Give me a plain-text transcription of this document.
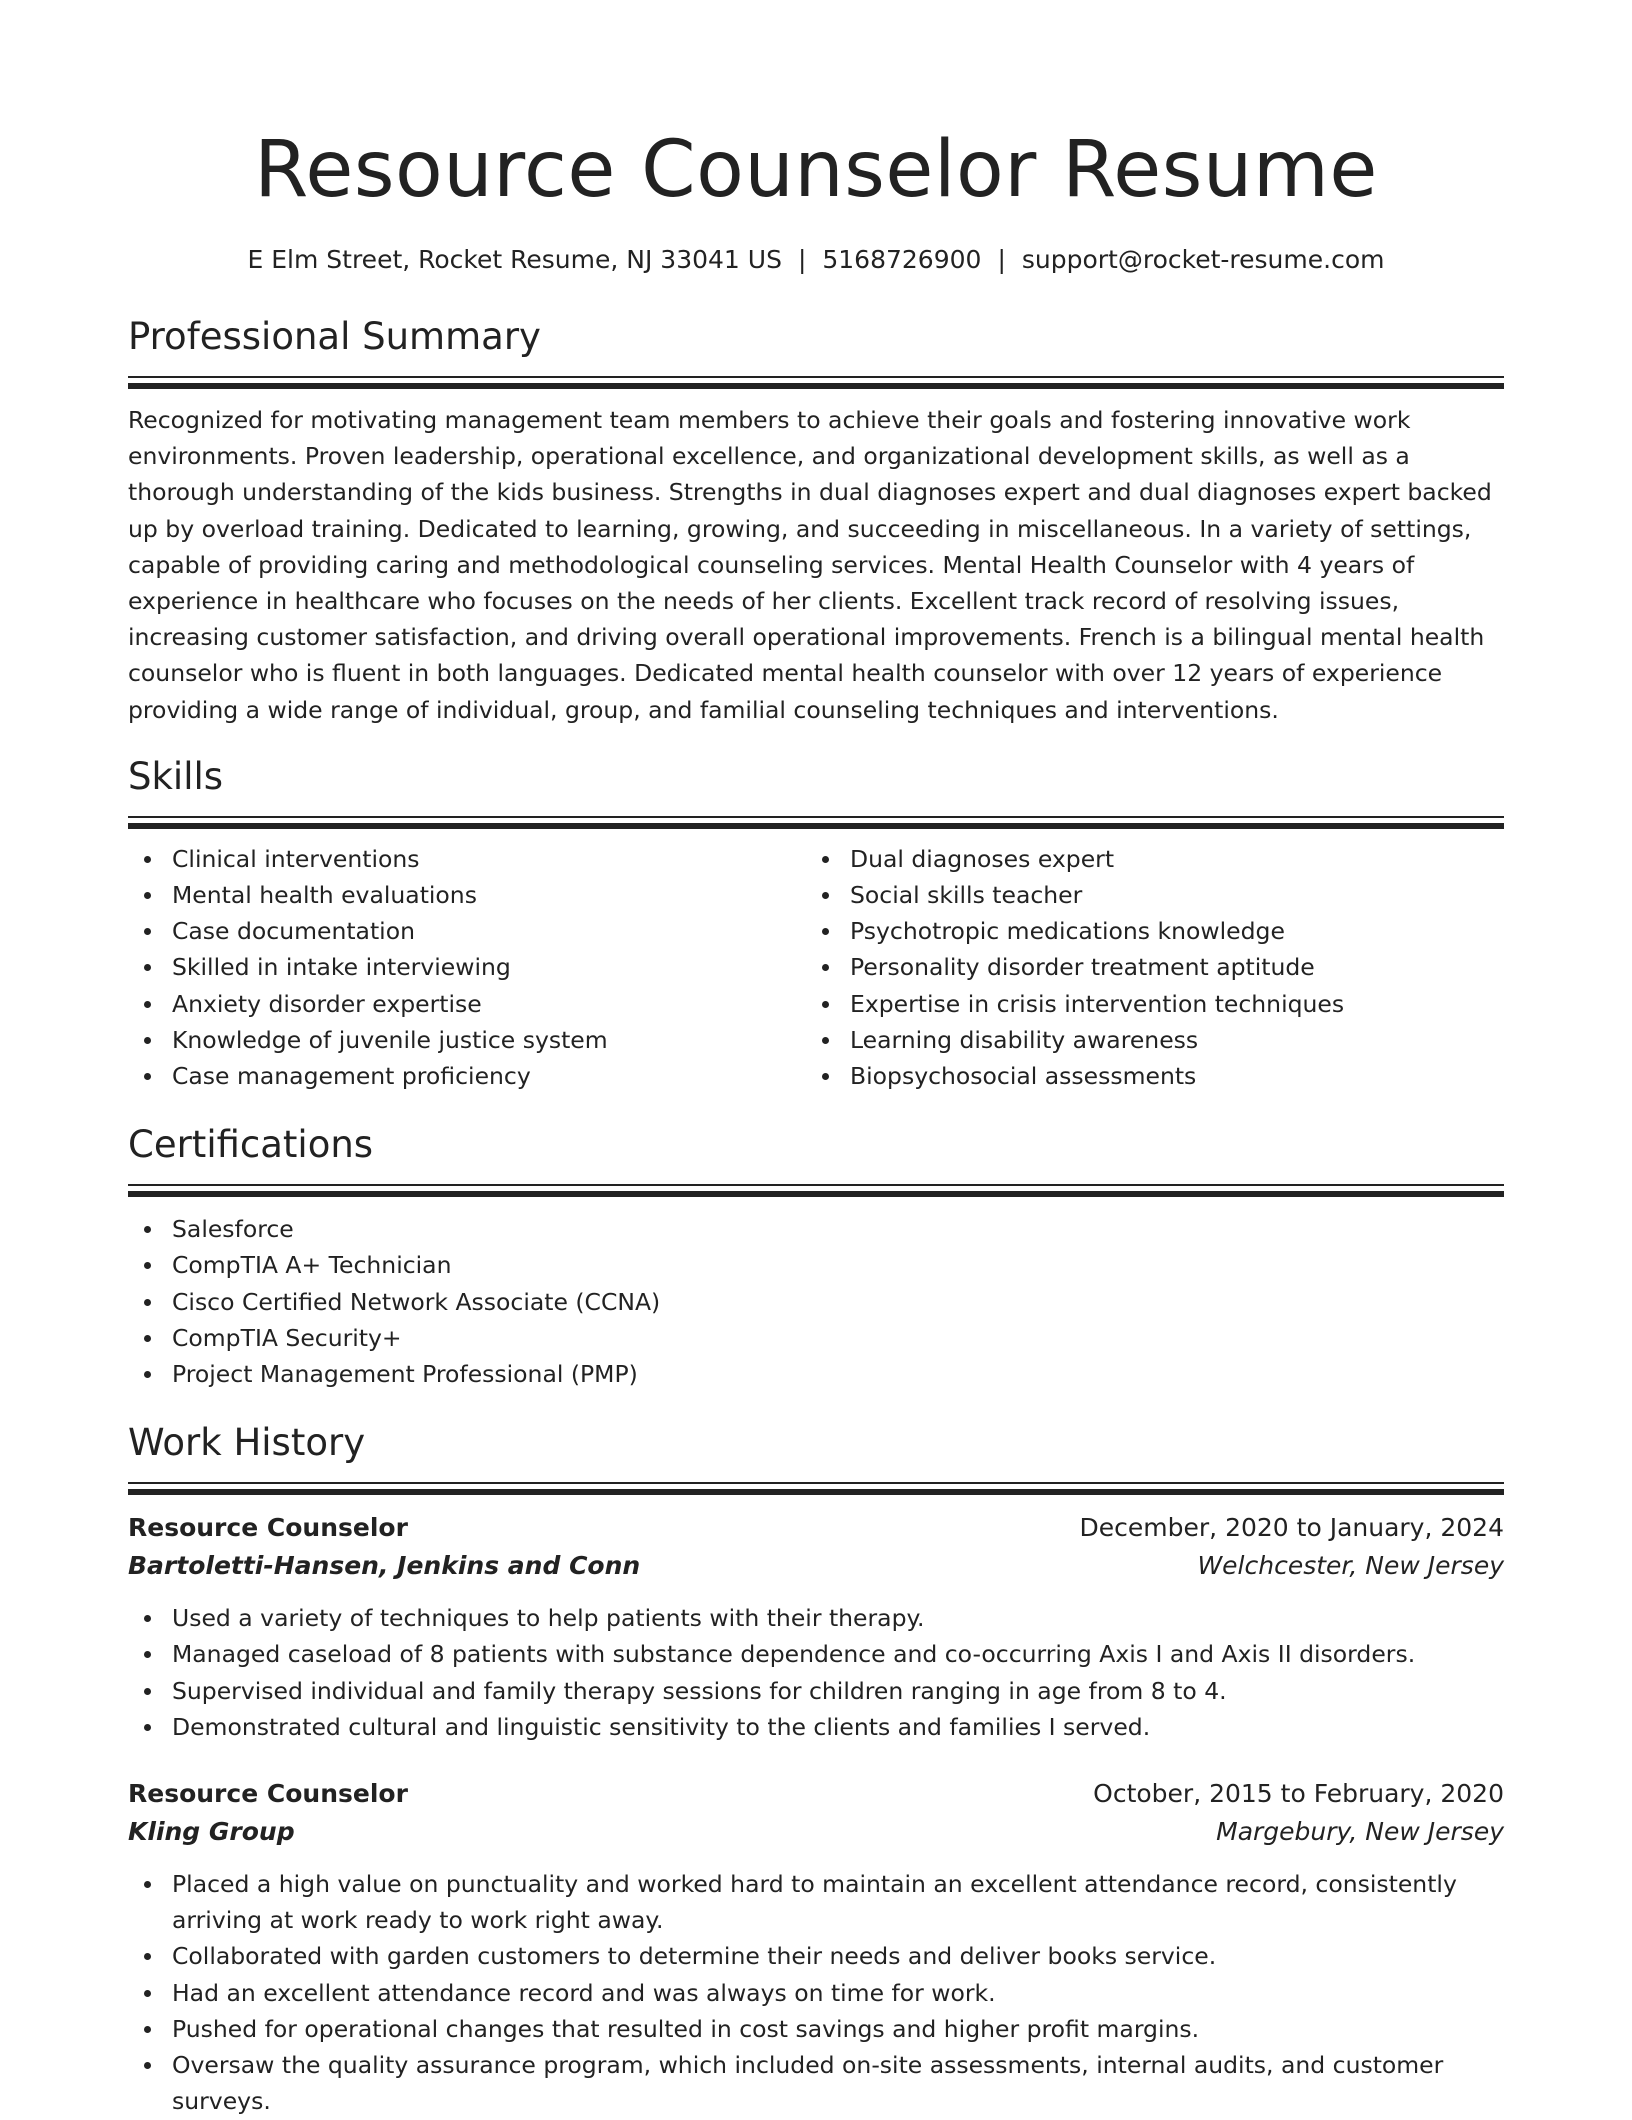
Resource Counselor Resume
E Elm Street, Rocket Resume, NJ 33041 US | 5168726900 | support@rocket-resume.com
Professional Summary

Recognized for motivating management team members to achieve their goals and fostering innovative work environments. Proven leadership, operational excellence, and organizational development skills, as well as a thorough understanding of the kids business. Strengths in dual diagnoses expert and dual diagnoses expert backed up by overload training. Dedicated to learning, growing, and succeeding in miscellaneous. In a variety of settings, capable of providing caring and methodological counseling services. Mental Health Counselor with 4 years of experience in healthcare who focuses on the needs of her clients. Excellent track record of resolving issues, increasing customer satisfaction, and driving overall operational improvements. French is a bilingual mental health counselor who is fluent in both languages. Dedicated mental health counselor with over 12 years of experience providing a wide range of individual, group, and familial counseling techniques and interventions.

Skills
Clinical interventions
Mental health evaluations
Case documentation
Skilled in intake interviewing
Anxiety disorder expertise
Knowledge of juvenile justice system
Case management proficiency
Dual diagnoses expert
Social skills teacher
Psychotropic medications knowledge
Personality disorder treatment aptitude
Expertise in crisis intervention techniques
Learning disability awareness
Biopsychosocial assessments
Certifications
Salesforce
CompTIA A+ Technician
Cisco Certified Network Associate (CCNA)
CompTIA Security+
Project Management Professional (PMP)
Work History
Resource Counselor	December, 2020 to January, 2024
Bartoletti-Hansen, Jenkins and Conn	Welchcester, New Jersey
Used a variety of techniques to help patients with their therapy.
Managed caseload of 8 patients with substance dependence and co-occurring Axis I and Axis II disorders.
Supervised individual and family therapy sessions for children ranging in age from 8 to 4.
Demonstrated cultural and linguistic sensitivity to the clients and families I served.
Resource Counselor	October, 2015 to February, 2020
Kling Group	Margebury, New Jersey
Placed a high value on punctuality and worked hard to maintain an excellent attendance record, consistently arriving at work ready to work right away.
Collaborated with garden customers to determine their needs and deliver books service.
Had an excellent attendance record and was always on time for work.
Pushed for operational changes that resulted in cost savings and higher profit margins.
Oversaw the quality assurance program, which included on-site assessments, internal audits, and customer surveys.
